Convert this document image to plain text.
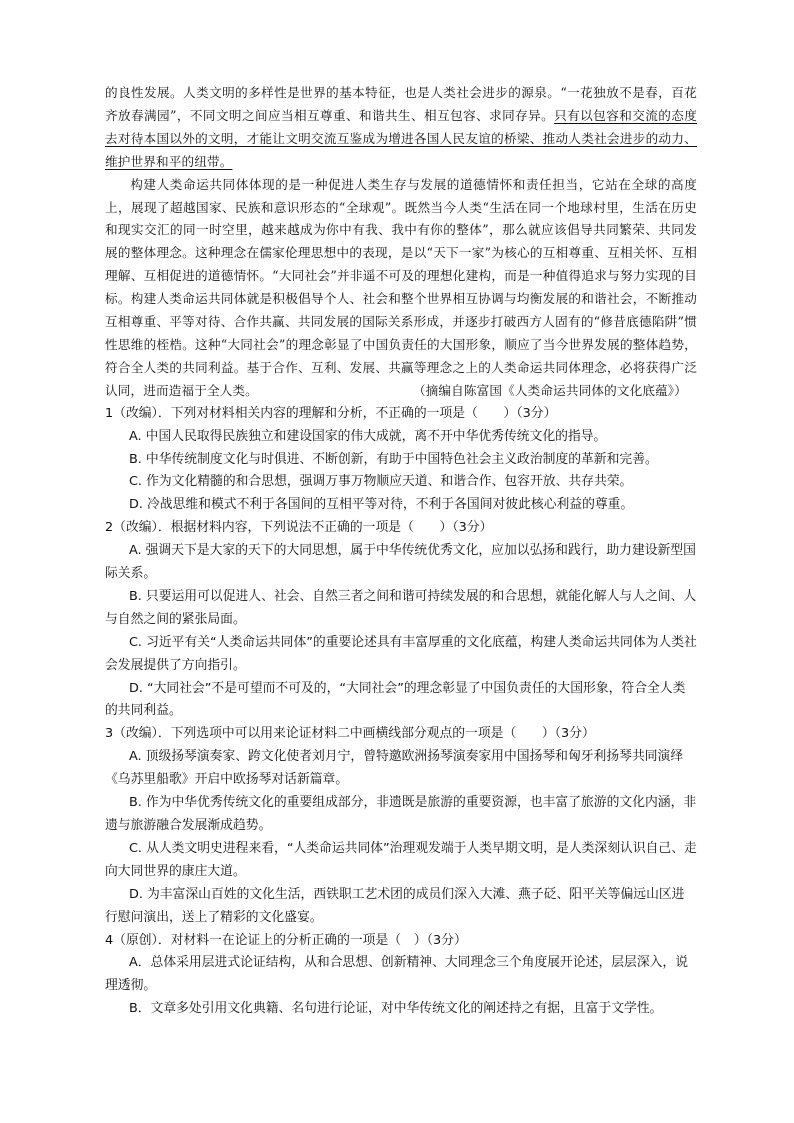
的良性发展。人类文明的多样性是世界的基本特征，也是人类社会进步的源泉。“一花独放不是春，百花齐放春满园”，不同文明之间应当相互尊重、和谐共生、相互包容、求同存异。只有以包容和交流的态度去对待本国以外的文明，才能让文明交流互鉴成为增进各国人民友谊的桥梁、推动人类社会进步的动力、维护世界和平的纽带。

构建人类命运共同体体现的是一种促进人类生存与发展的道德情怀和责任担当，它站在全球的高度上，展现了超越国家、民族和意识形态的“全球观”。既然当今人类“生活在同一个地球村里，生活在历史和现实交汇的同一时空里，越来越成为你中有我、我中有你的整体”，那么就应该倡导共同繁荣、共同发展的整体理念。这种理念在儒家伦理思想中的表现，是以“天下一家”为核心的互相尊重、互相关怀、互相理解、互相促进的道德情怀。“大同社会”并非遥不可及的理想化建构，而是一种值得追求与努力实现的目标。构建人类命运共同体就是积极倡导个人、社会和整个世界相互协调与均衡发展的和谐社会，不断推动互相尊重、平等对待、合作共赢、共同发展的国际关系形成，并逐步打破西方人固有的“修昔底德陷阱”惯性思维的桎梏。这种“大同社会”的理念彰显了中国负责任的大国形象，顺应了当今世界发展的整体趋势，符合全人类的共同利益。基于合作、互利、发展、共赢等理念之上的人类命运共同体理念，必将获得广泛认同，进而造福于全人类。	（摘编自陈富国《人类命运共同体的文化底蕴》）

1（改编）．下列对材料相关内容的理解和分析，不正确的一项是（　　）（3分）

A. 中国人民取得民族独立和建设国家的伟大成就，离不开中华优秀传统文化的指导。

B. 中华传统制度文化与时俱进、不断创新，有助于中国特色社会主义政治制度的革新和完善。

C. 作为文化精髓的和合思想，强调万事万物顺应天道、和谐合作、包容开放、共存共荣。

D. 冷战思维和模式不利于各国间的互相平等对待，不利于各国间对彼此核心利益的尊重。

2（改编）．根据材料内容，下列说法不正确的一项是（　　）（3分）

A. 强调天下是大家的天下的大同思想，属于中华传统优秀文化，应加以弘扬和践行，助力建设新型国际关系。

B. 只要运用可以促进人、社会、自然三者之间和谐可持续发展的和合思想，就能化解人与人之间、人与自然之间的紧张局面。

C. 习近平有关“人类命运共同体”的重要论述具有丰富厚重的文化底蕴，构建人类命运共同体为人类社会发展提供了方向指引。

D. “大同社会”不是可望而不可及的，“大同社会”的理念彰显了中国负责任的大国形象，符合全人类的共同利益。

3（改编）．下列选项中可以用来论证材料二中画横线部分观点的一项是（　　）（3分）

A. 顶级扬琴演奏家、跨文化使者刘月宁，曾特邀欧洲扬琴演奏家用中国扬琴和匈牙利扬琴共同演绎《乌苏里船歌》开启中欧扬琴对话新篇章。

B. 作为中华优秀传统文化的重要组成部分，非遗既是旅游的重要资源，也丰富了旅游的文化内涵，非遗与旅游融合发展渐成趋势。

C. 从人类文明史进程来看，“人类命运共同体”治理观发端于人类早期文明，是人类深刻认识自己、走向大同世界的康庄大道。

D. 为丰富深山百姓的文化生活，西铁职工艺术团的成员们深入大滩、燕子砭、阳平关等偏远山区进行慰问演出，送上了精彩的文化盛宴。

4（原创）．对材料一在论证上的分析正确的一项是（　）（3分）

A．总体采用层进式论证结构，从和合思想、创新精神、大同理念三个角度展开论述，层层深入，说理透彻。

B．文章多处引用文化典籍、名句进行论证，对中华传统文化的阐述持之有据，且富于文学性。
